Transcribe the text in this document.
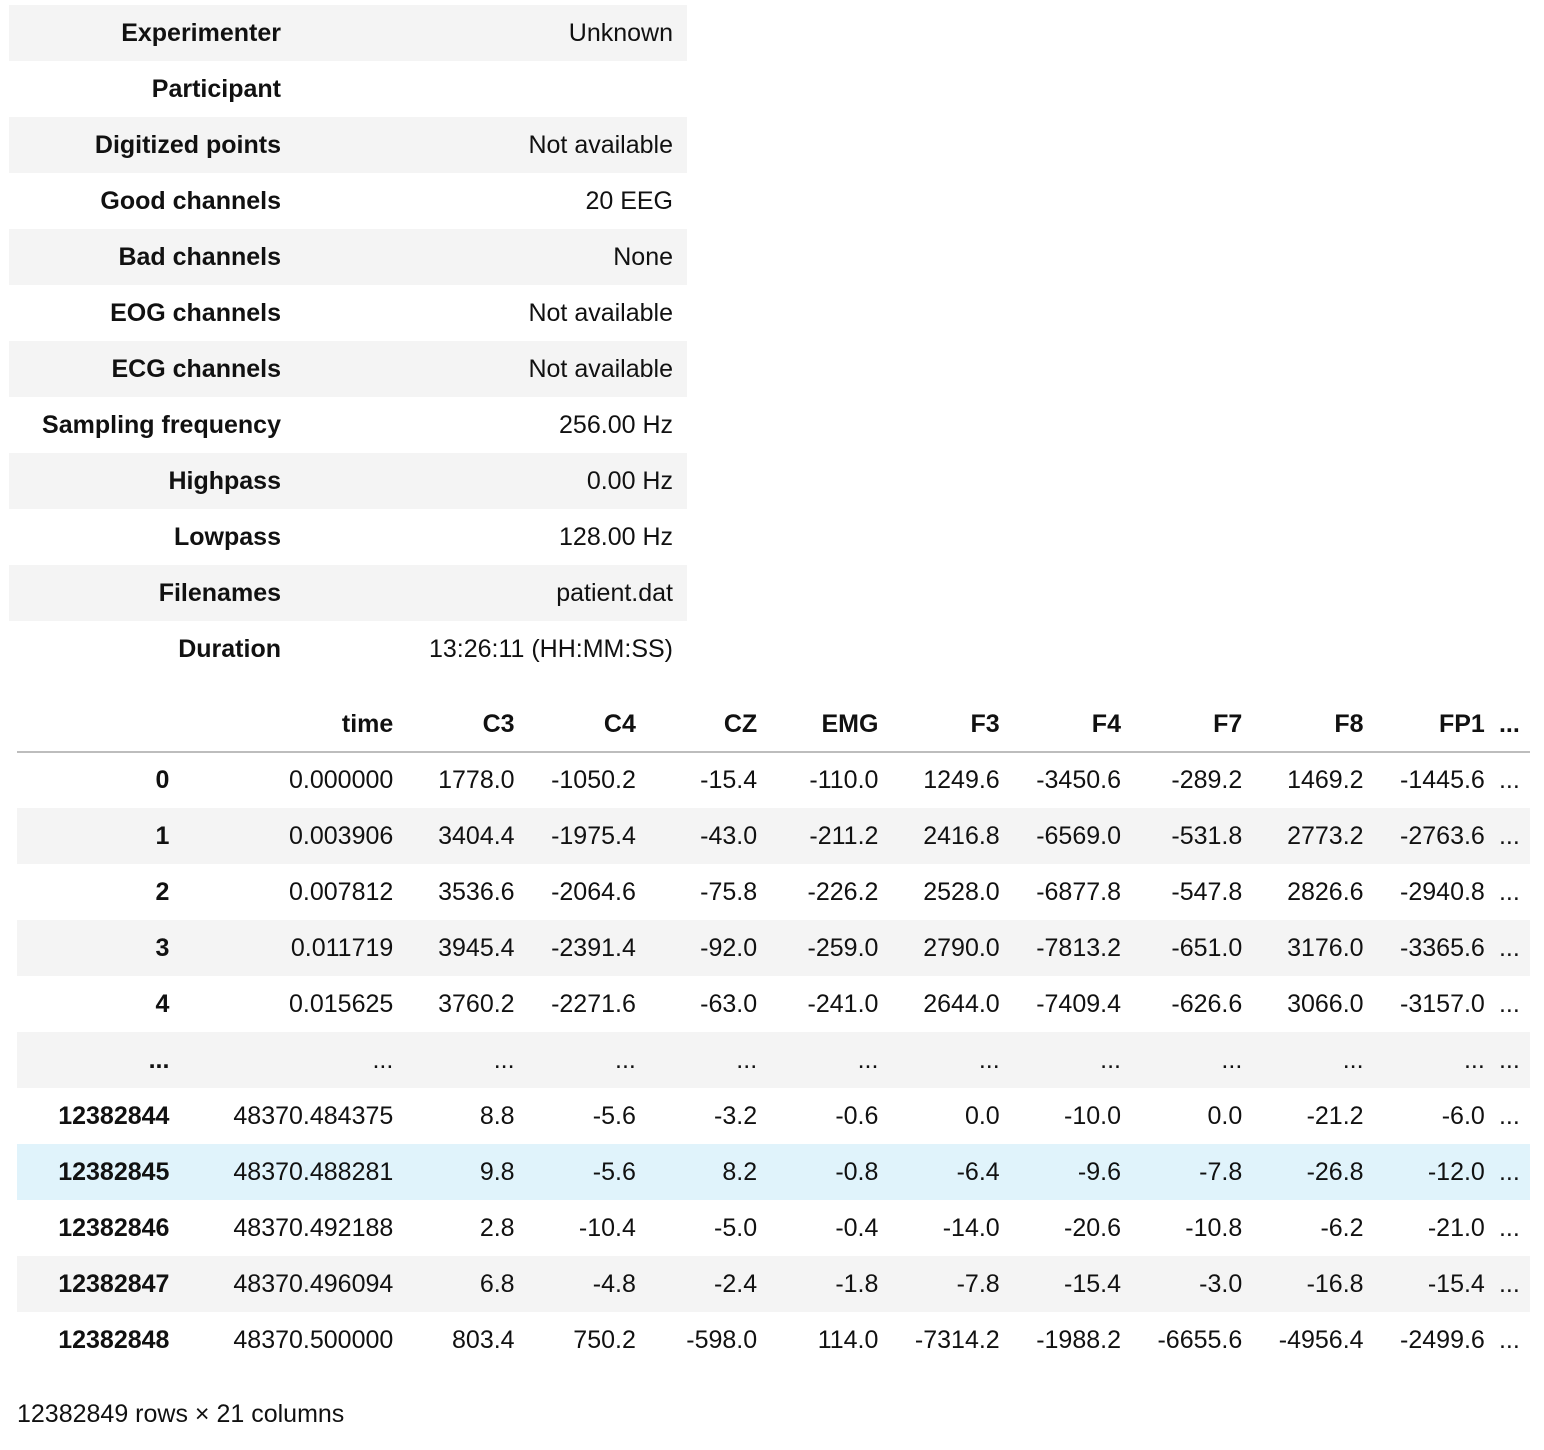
Experimenter	Unknown
Participant	
Digitized points	Not available
Good channels	20 EEG
Bad channels	None
EOG channels	Not available
ECG channels	Not available
Sampling frequency	256.00 Hz
Highpass	0.00 Hz
Lowpass	128.00 Hz
Filenames	patient.dat
Duration	13:26:11 (HH:MM:SS)
	time	C3	C4	CZ	EMG	F3	F4	F7	F8	FP1	...
0	0.000000	1778.0	-1050.2	-15.4	-110.0	1249.6	-3450.6	-289.2	1469.2	-1445.6	...
1	0.003906	3404.4	-1975.4	-43.0	-211.2	2416.8	-6569.0	-531.8	2773.2	-2763.6	...
2	0.007812	3536.6	-2064.6	-75.8	-226.2	2528.0	-6877.8	-547.8	2826.6	-2940.8	...
3	0.011719	3945.4	-2391.4	-92.0	-259.0	2790.0	-7813.2	-651.0	3176.0	-3365.6	...
4	0.015625	3760.2	-2271.6	-63.0	-241.0	2644.0	-7409.4	-626.6	3066.0	-3157.0	...
...	...	...	...	...	...	...	...	...	...	...	...
12382844	48370.484375	8.8	-5.6	-3.2	-0.6	0.0	-10.0	0.0	-21.2	-6.0	...
12382845	48370.488281	9.8	-5.6	8.2	-0.8	-6.4	-9.6	-7.8	-26.8	-12.0	...
12382846	48370.492188	2.8	-10.4	-5.0	-0.4	-14.0	-20.6	-10.8	-6.2	-21.0	...
12382847	48370.496094	6.8	-4.8	-2.4	-1.8	-7.8	-15.4	-3.0	-16.8	-15.4	...
12382848	48370.500000	803.4	750.2	-598.0	114.0	-7314.2	-1988.2	-6655.6	-4956.4	-2499.6	...
12382849 rows × 21 columns
